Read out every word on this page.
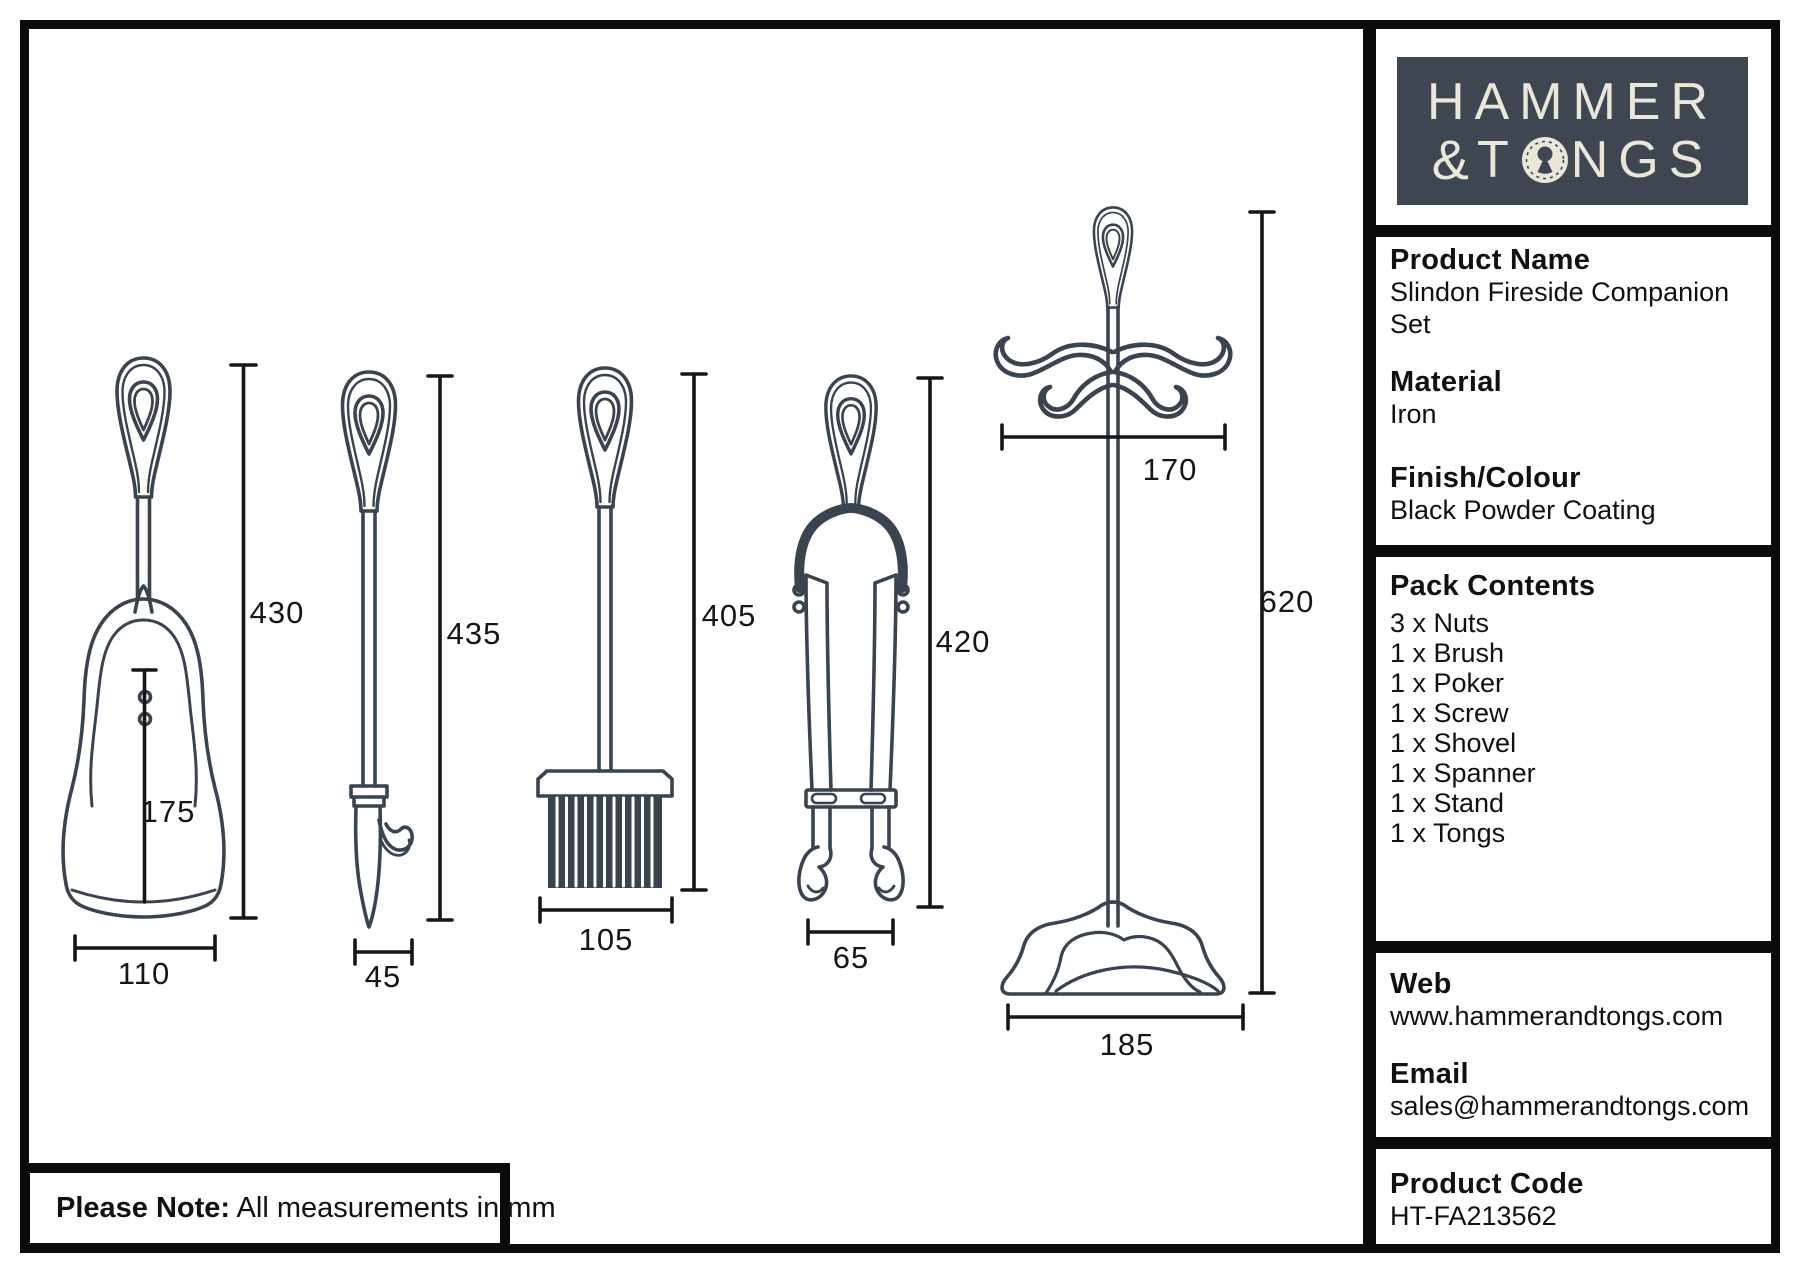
430
175
110
435
45
405
105
420
65
620
170
185
HAMMER
& T NGS
Product Name
Slindon Fireside Companion Set
Material
Iron
Finish/Colour
Black Powder Coating
Pack Contents
3 x Nuts
1 x Brush
1 x Poker
1 x Screw
1 x Shovel
1 x Spanner
1 x Stand
1 x Tongs
Web
www.hammerandtongs.com
Email
sales@hammerandtongs.com
Product Code
HT-FA213562
Please Note: All measurements in mm
